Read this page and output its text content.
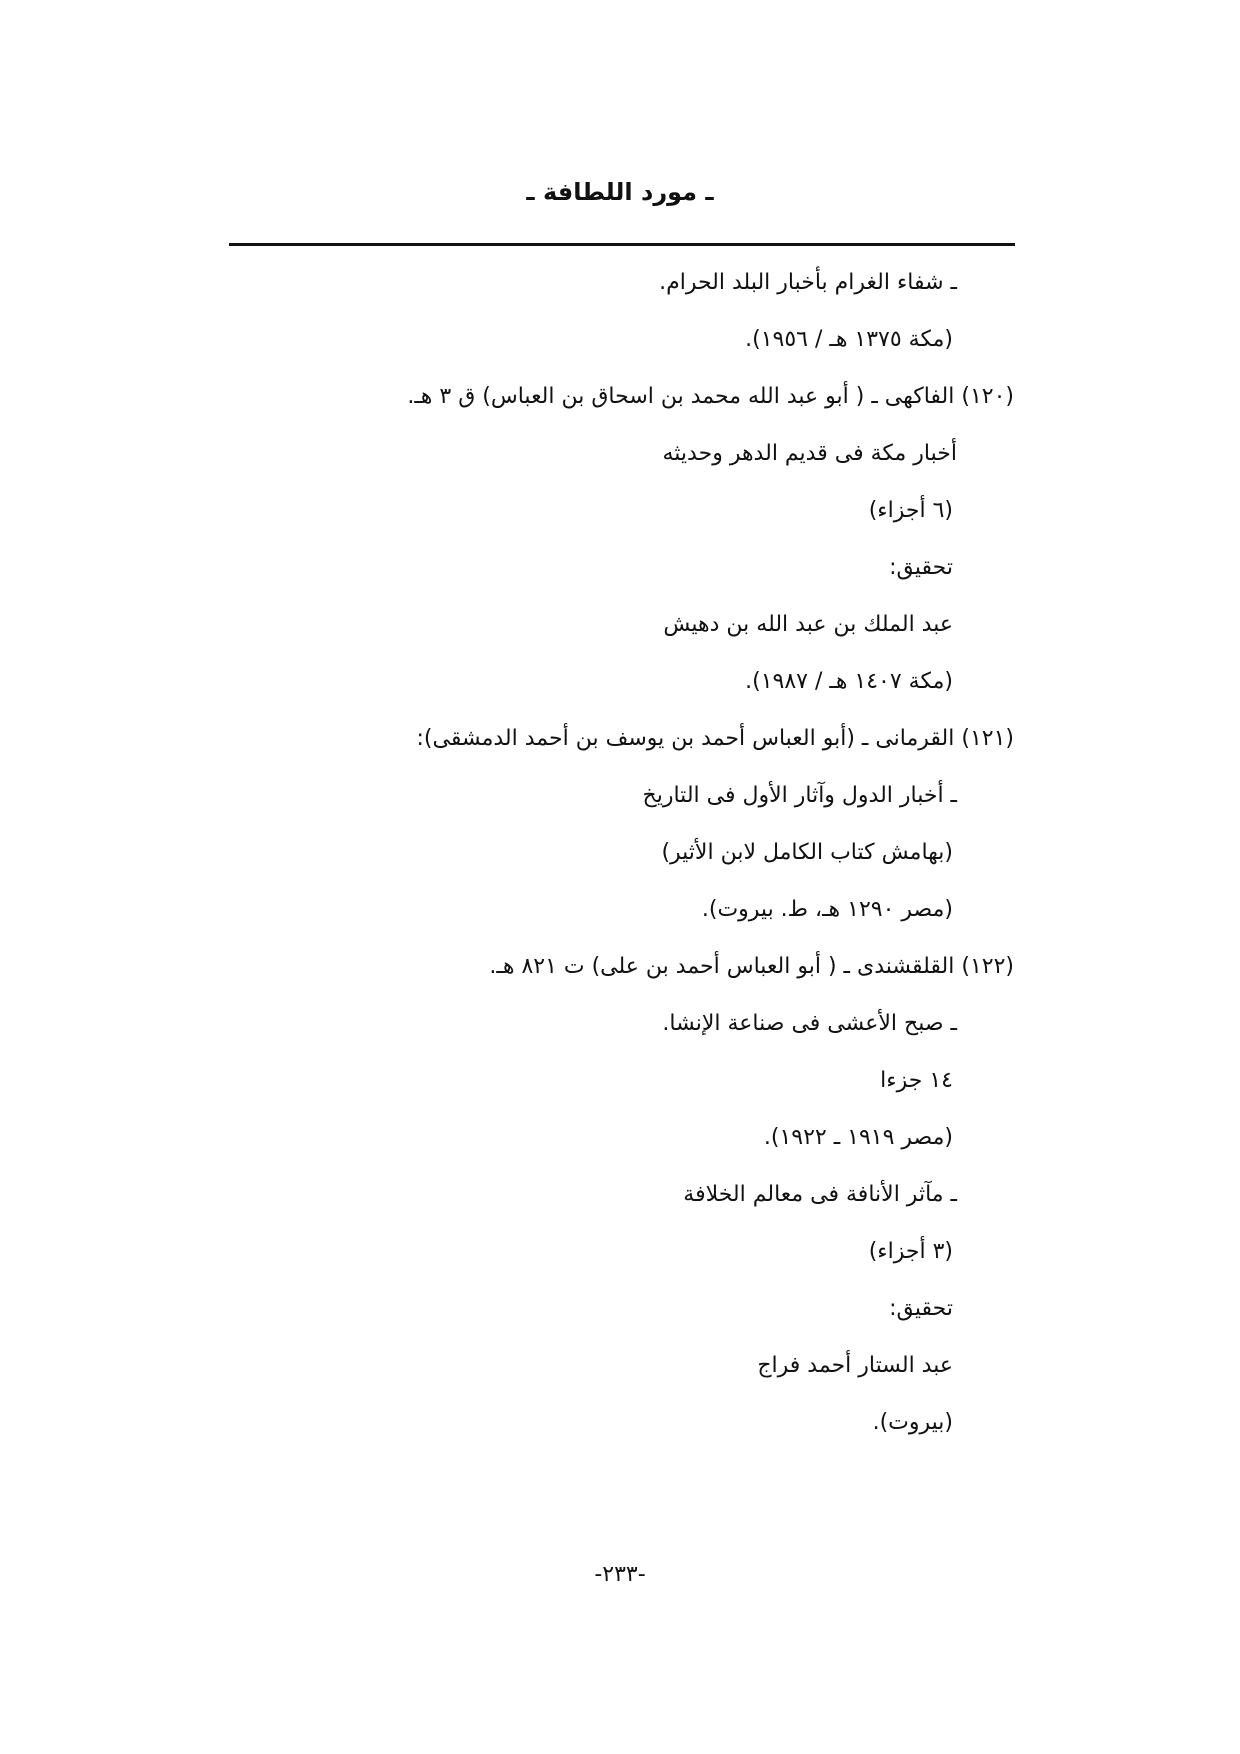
ـ مورد اللطافة ـ
ـ شفاء الغرام بأخبار البلد الحرام.
(مكة ١٣٧٥ هـ / ١٩٥٦).
(١٢٠) الفاكهى ـ ( أبو عبد الله محمد بن اسحاق بن العباس) ق ٣ هـ.
أخبار مكة فى قديم الدهر وحديثه
(٦ أجزاء)
تحقيق:
عبد الملك بن عبد الله بن دهيش
(مكة ١٤٠٧ هـ / ١٩٨٧).
(١٢١) القرمانى ـ (أبو العباس أحمد بن يوسف بن أحمد الدمشقى):
ـ أخبار الدول وآثار الأول فى التاريخ
(بهامش كتاب الكامل لابن الأثير)
(مصر ١٢٩٠ هـ، ط. بيروت).
(١٢٢) القلقشندى ـ ( أبو العباس أحمد بن على) ت ٨٢١ هـ.
ـ صبح الأعشى فى صناعة الإنشا.
١٤ جزءا
(مصر ١٩١٩ ـ ١٩٢٢).
ـ مآثر الأنافة فى معالم الخلافة
(٣ أجزاء)
تحقيق:
عبد الستار أحمد فراج
(بيروت).
-٢٣٣-
